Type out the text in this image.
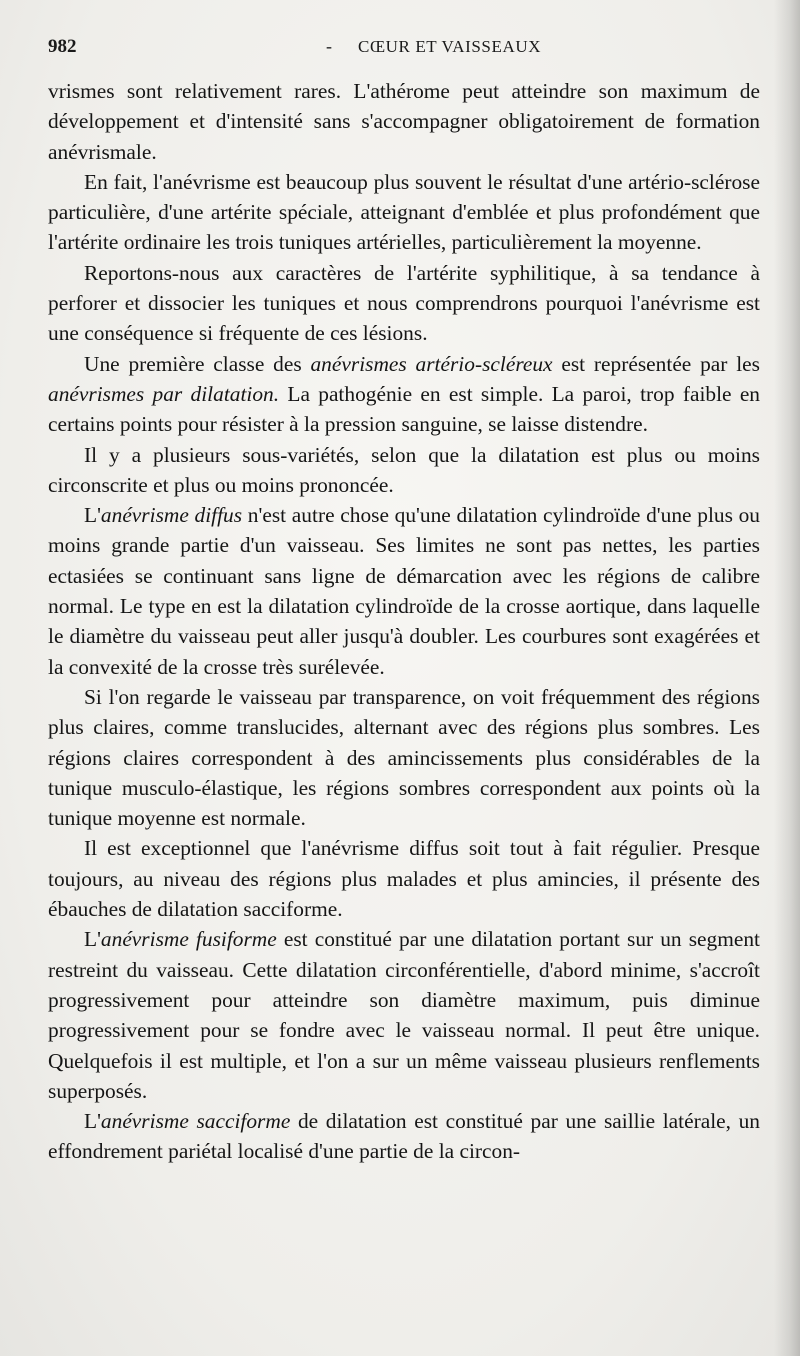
982	- CŒUR ET VAISSEAUX

vrismes sont relativement rares. L'athérome peut atteindre son maximum de développement et d'intensité sans s'accompagner obligatoirement de formation anévrismale.

En fait, l'anévrisme est beaucoup plus souvent le résultat d'une artério-sclérose particulière, d'une artérite spéciale, atteignant d'emblée et plus profondément que l'artérite ordinaire les trois tuniques artérielles, particulièrement la moyenne.

Reportons-nous aux caractères de l'artérite syphilitique, à sa tendance à perforer et dissocier les tuniques et nous comprendrons pourquoi l'anévrisme est une conséquence si fréquente de ces lésions.

Une première classe des anévrismes artério-scléreux est représentée par les anévrismes par dilatation. La pathogénie en est simple. La paroi, trop faible en certains points pour résister à la pression sanguine, se laisse distendre.

Il y a plusieurs sous-variétés, selon que la dilatation est plus ou moins circonscrite et plus ou moins prononcée.

L'anévrisme diffus n'est autre chose qu'une dilatation cylindroïde d'une plus ou moins grande partie d'un vaisseau. Ses limites ne sont pas nettes, les parties ectasiées se continuant sans ligne de démarcation avec les régions de calibre normal. Le type en est la dilatation cylindroïde de la crosse aortique, dans laquelle le diamètre du vaisseau peut aller jusqu'à doubler. Les courbures sont exagérées et la convexité de la crosse très surélevée.

Si l'on regarde le vaisseau par transparence, on voit fréquemment des régions plus claires, comme translucides, alternant avec des régions plus sombres. Les régions claires correspondent à des amincissements plus considérables de la tunique musculo-élastique, les régions sombres correspondent aux points où la tunique moyenne est normale.

Il est exceptionnel que l'anévrisme diffus soit tout à fait régulier. Presque toujours, au niveau des régions plus malades et plus amincies, il présente des ébauches de dilatation sacciforme.

L'anévrisme fusiforme est constitué par une dilatation portant sur un segment restreint du vaisseau. Cette dilatation circonférentielle, d'abord minime, s'accroît progressivement pour atteindre son diamètre maximum, puis diminue progressivement pour se fondre avec le vaisseau normal. Il peut être unique. Quelquefois il est multiple, et l'on a sur un même vaisseau plusieurs renflements superposés.

L'anévrisme sacciforme de dilatation est constitué par une saillie latérale, un effondrement pariétal localisé d'une partie de la circon-
